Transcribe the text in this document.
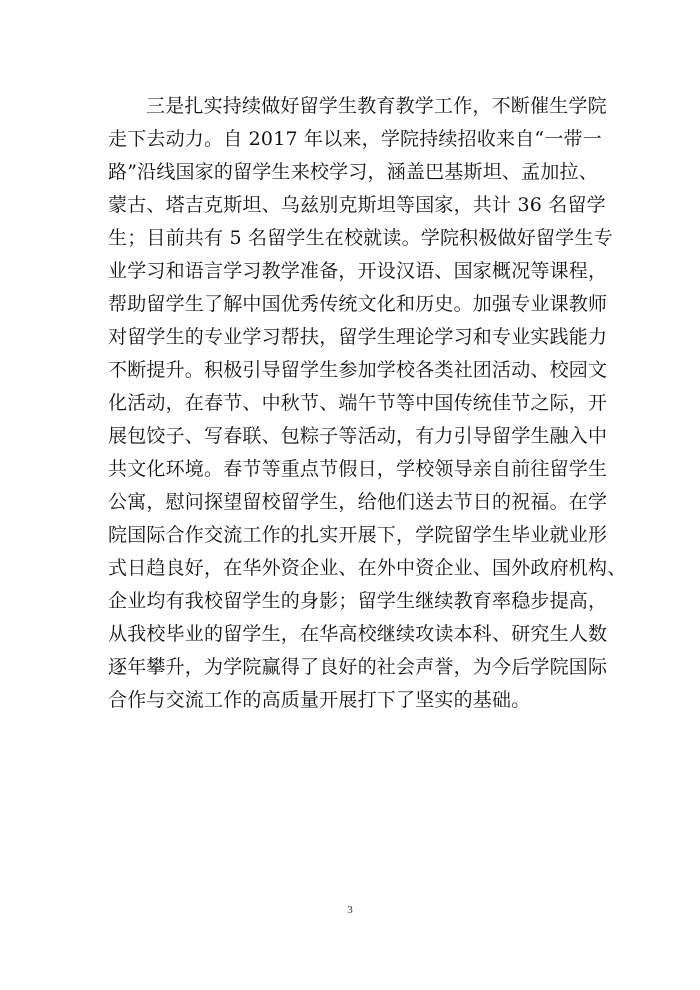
三是扎实持续做好留学生教育教学工作，不断催生学院
走下去动力。自 2017 年以来，学院持续招收来自“一带一
路”沿线国家的留学生来校学习，涵盖巴基斯坦、孟加拉、
蒙古、塔吉克斯坦、乌兹别克斯坦等国家，共计 36 名留学
生；目前共有 5 名留学生在校就读。学院积极做好留学生专
业学习和语言学习教学准备，开设汉语、国家概况等课程，
帮助留学生了解中国优秀传统文化和历史。加强专业课教师
对留学生的专业学习帮扶，留学生理论学习和专业实践能力
不断提升。积极引导留学生参加学校各类社团活动、校园文
化活动，在春节、中秋节、端午节等中国传统佳节之际，开
展包饺子、写春联、包粽子等活动，有力引导留学生融入中
共文化环境。春节等重点节假日，学校领导亲自前往留学生
公寓，慰问探望留校留学生，给他们送去节日的祝福。在学
院国际合作交流工作的扎实开展下，学院留学生毕业就业形
式日趋良好，在华外资企业、在外中资企业、国外政府机构、
企业均有我校留学生的身影；留学生继续教育率稳步提高，
从我校毕业的留学生，在华高校继续攻读本科、研究生人数
逐年攀升，为学院赢得了良好的社会声誉，为今后学院国际
合作与交流工作的高质量开展打下了坚实的基础。
3
